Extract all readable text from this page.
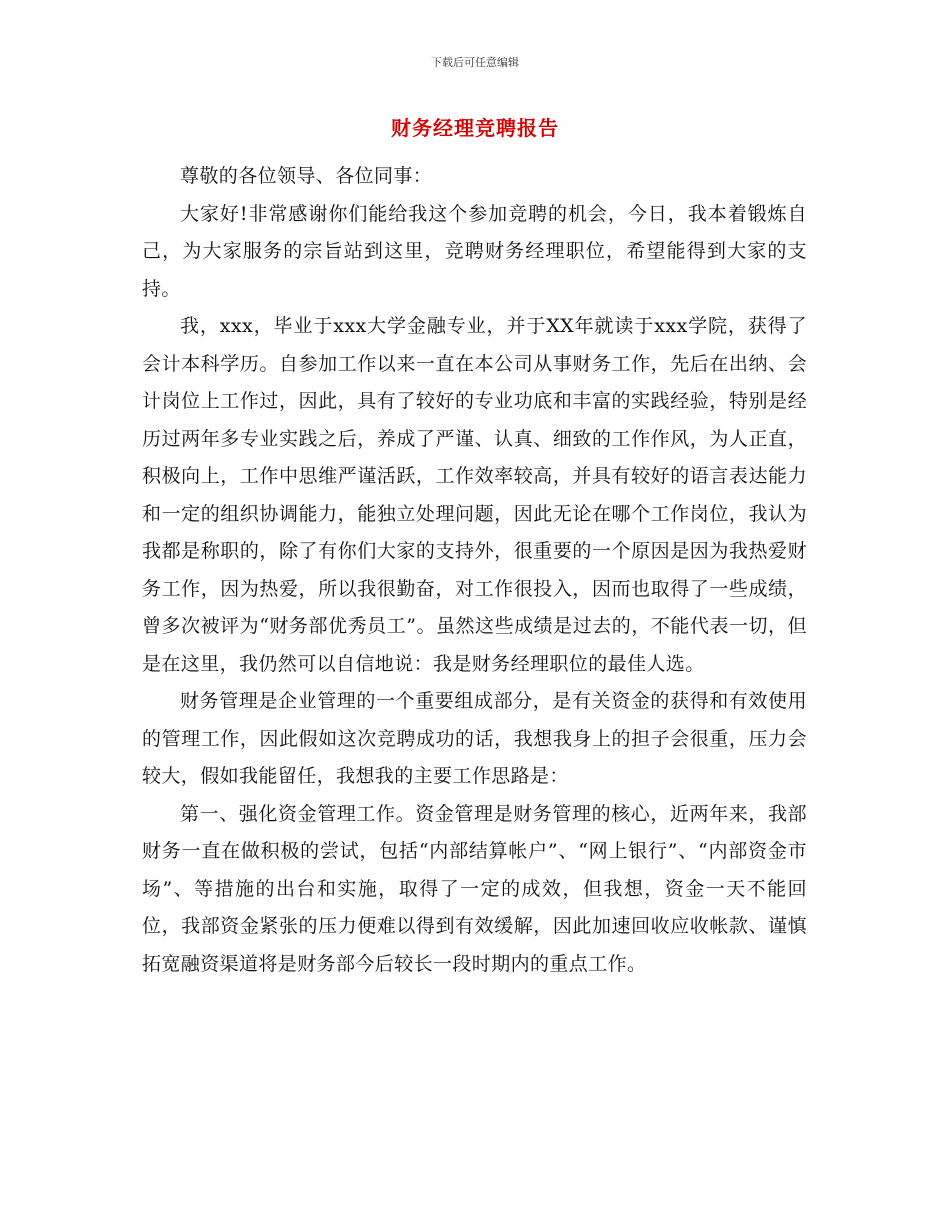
下载后可任意编辑
财务经理竞聘报告

尊敬的各位领导、各位同事：

大家好!非常感谢你们能给我这个参加竞聘的机会，今日，我本着锻炼自己，为大家服务的宗旨站到这里，竞聘财务经理职位，希望能得到大家的支持。

我，xxx，毕业于xxx大学金融专业，并于XX年就读于xxx学院，获得了会计本科学历。自参加工作以来一直在本公司从事财务工作，先后在出纳、会计岗位上工作过，因此，具有了较好的专业功底和丰富的实践经验，特别是经历过两年多专业实践之后，养成了严谨、认真、细致的工作作风，为人正直，积极向上，工作中思维严谨活跃，工作效率较高，并具有较好的语言表达能力和一定的组织协调能力，能独立处理问题，因此无论在哪个工作岗位，我认为我都是称职的，除了有你们大家的支持外，很重要的一个原因是因为我热爱财务工作，因为热爱，所以我很勤奋，对工作很投入，因而也取得了一些成绩，曾多次被评为“财务部优秀员工”。虽然这些成绩是过去的，不能代表一切，但是在这里，我仍然可以自信地说：我是财务经理职位的最佳人选。

财务管理是企业管理的一个重要组成部分，是有关资金的获得和有效使用的管理工作，因此假如这次竞聘成功的话，我想我身上的担子会很重，压力会较大，假如我能留任，我想我的主要工作思路是：

第一、强化资金管理工作。资金管理是财务管理的核心，近两年来，我部财务一直在做积极的尝试，包括“内部结算帐户”、“网上银行”、“内部资金市场”、等措施的出台和实施，取得了一定的成效，但我想，资金一天不能回位，我部资金紧张的压力便难以得到有效缓解，因此加速回收应收帐款、谨慎拓宽融资渠道将是财务部今后较长一段时期内的重点工作。
